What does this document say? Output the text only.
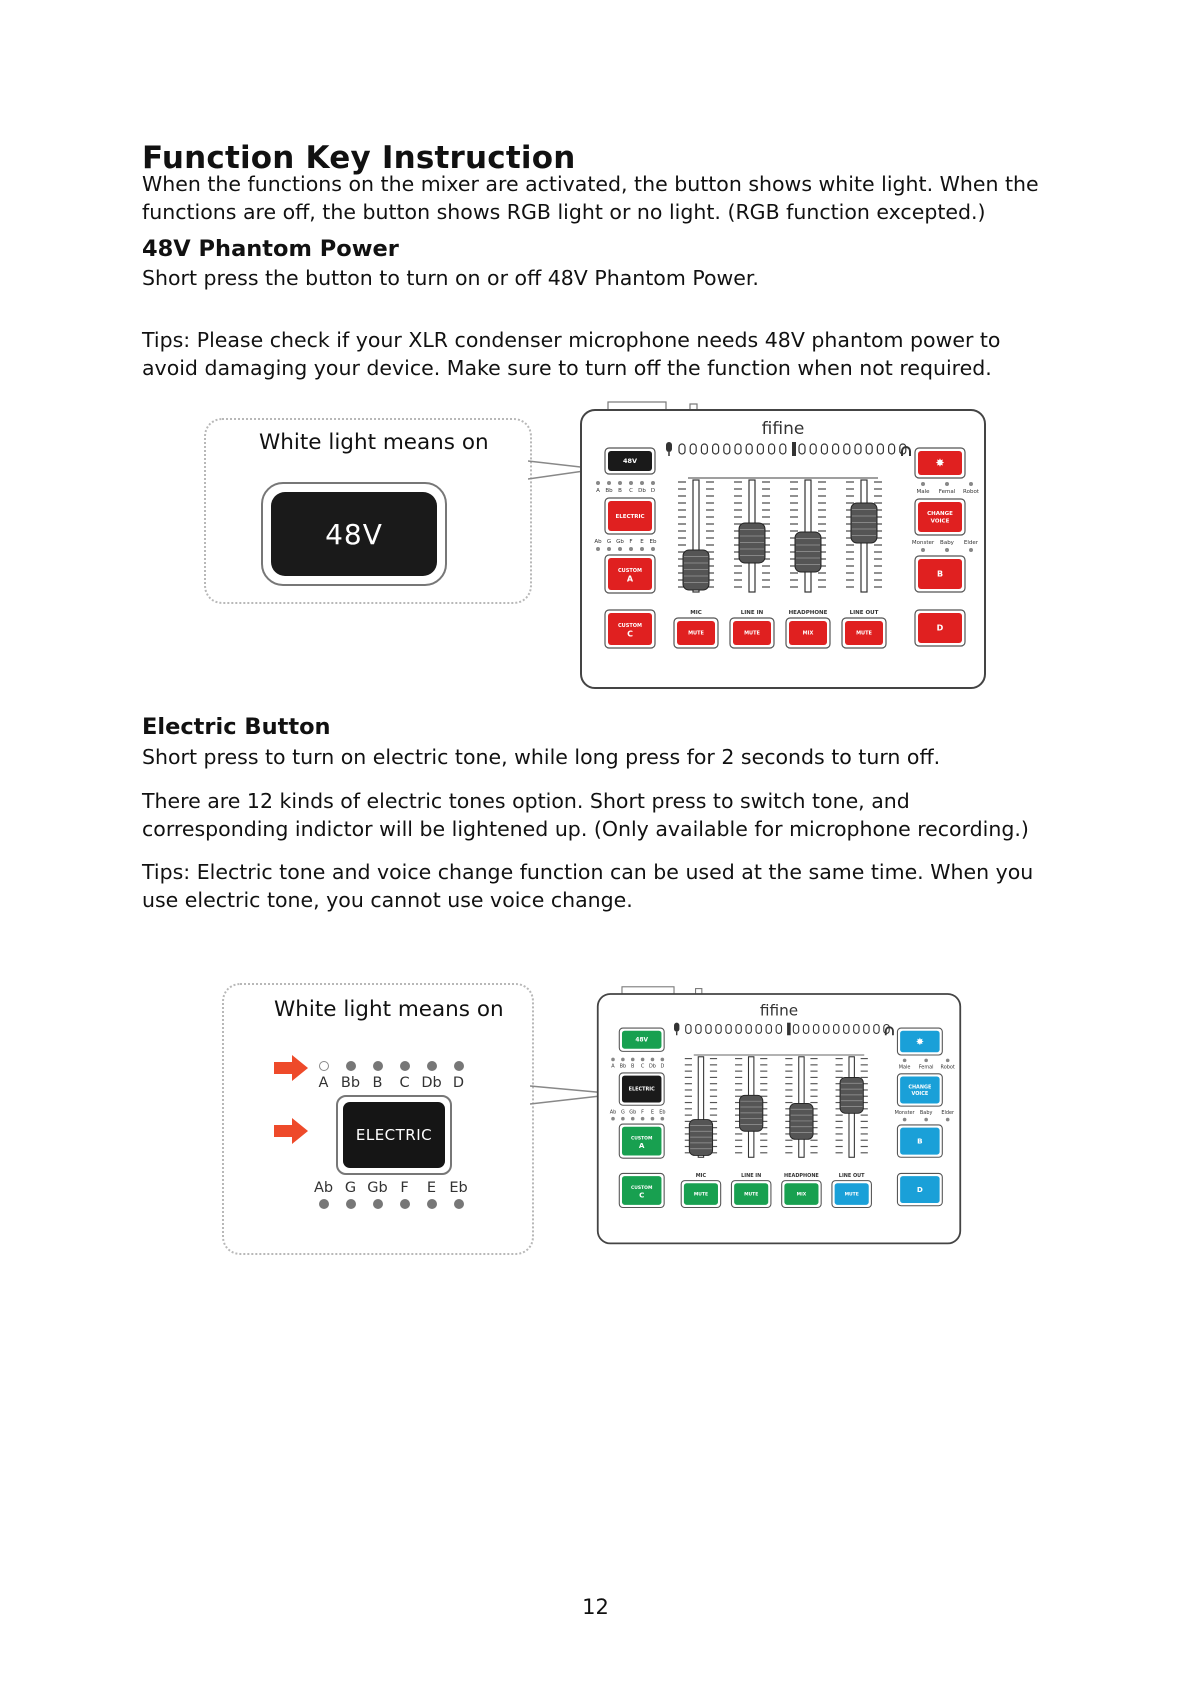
Function Key Instruction
When the functions on the mixer are activated, the button shows white light. When the functions are off, the button shows RGB light or no light. (RGB function excepted.)
48V Phantom Power
Short press the button to turn on or off 48V Phantom Power.
Tips: Please check if your XLR condenser microphone needs 48V phantom power to avoid damaging your device. Make sure to turn off the function when not required.
White light means on
48V
fifine
48V
A Bb B C Db D
ELECTRIC
Ab G Gb F E Eb
CUSTOM
A
CUSTOM
C
✸
Male Femal Robot
CHANGE
VOICE
Monster Baby Elder
B
D
MIC
MUTE
LINE IN
MUTE
HEADPHONE
MIX
LINE OUT
MUTE
Electric Button
Short press to turn on electric tone, while long press for 2 seconds to turn off.
There are 12 kinds of electric tones option. Short press to switch tone, and corresponding indictor will be lightened up. (Only available for microphone recording.)
Tips: Electric tone and voice change function can be used at the same time. When you use electric tone, you cannot use voice change.
White light means on
A Bb B	C Db D
ELECTRIC
Ab G Gb F	E Eb
fifine
48V
A Bb B C Db D
ELECTRIC
Ab G Gb F E Eb
CUSTOM
A
CUSTOM
C
✸
Male Femal Robot
CHANGE
VOICE
Monster Baby Elder
B
D
MIC
MUTE
LINE IN
MUTE
HEADPHONE
MIX
LINE OUT
MUTE
12
